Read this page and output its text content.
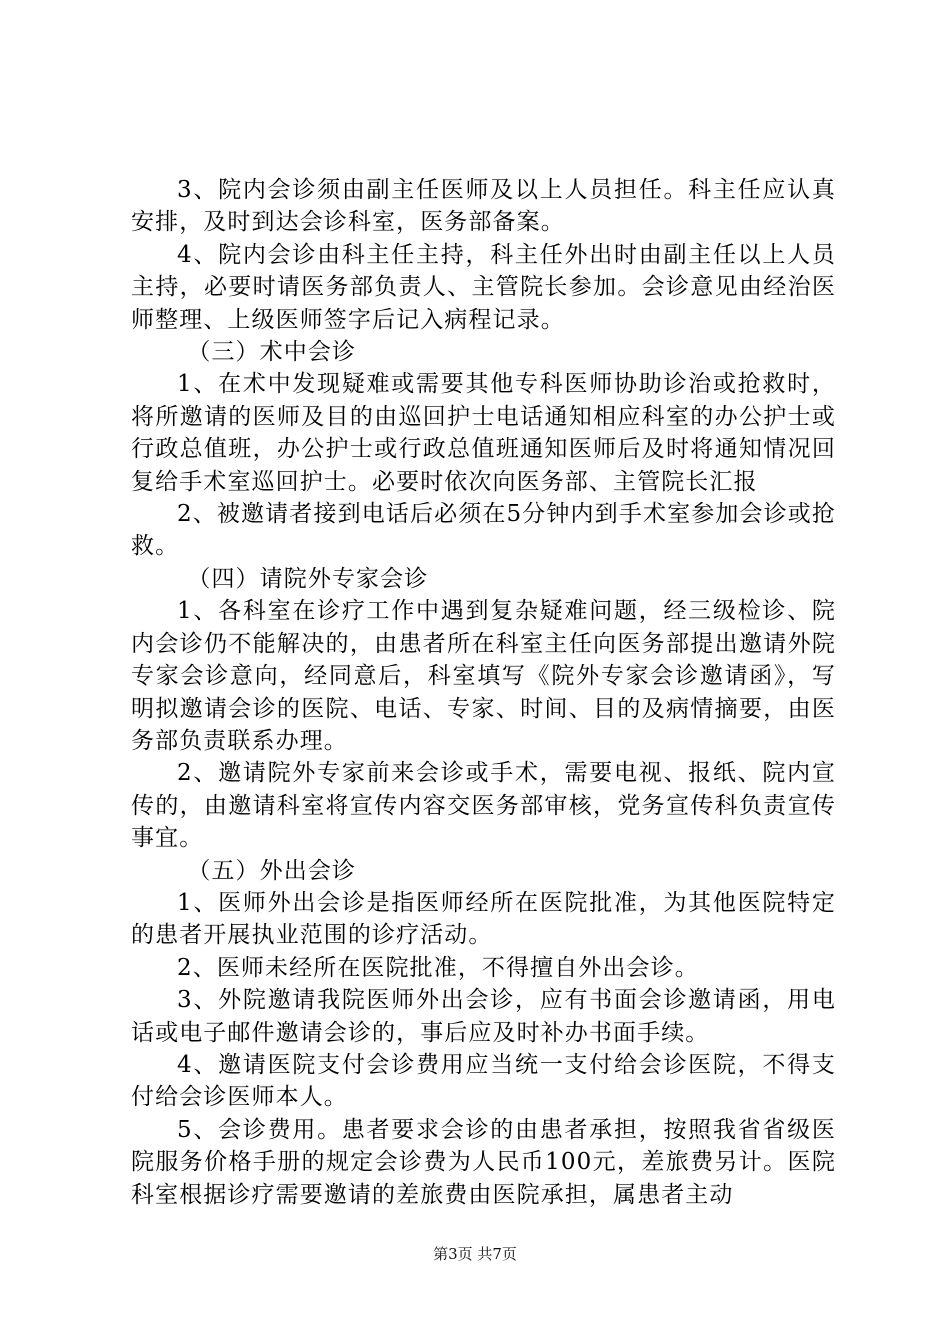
3、院内会诊须由副主任医师及以上人员担任。科主任应认真安排，及时到达会诊科室，医务部备案。

4、院内会诊由科主任主持，科主任外出时由副主任以上人员主持，必要时请医务部负责人、主管院长参加。会诊意见由经治医师整理、上级医师签字后记入病程记录。

（三）术中会诊

1、在术中发现疑难或需要其他专科医师协助诊治或抢救时，将所邀请的医师及目的由巡回护士电话通知相应科室的办公护士或行政总值班，办公护士或行政总值班通知医师后及时将通知情况回复给手术室巡回护士。必要时依次向医务部、主管院长汇报

2、被邀请者接到电话后必须在5分钟内到手术室参加会诊或抢救。

（四）请院外专家会诊

1、各科室在诊疗工作中遇到复杂疑难问题，经三级检诊、院内会诊仍不能解决的，由患者所在科室主任向医务部提出邀请外院专家会诊意向，经同意后，科室填写《院外专家会诊邀请函》，写明拟邀请会诊的医院、电话、专家、时间、目的及病情摘要，由医务部负责联系办理。

2、邀请院外专家前来会诊或手术，需要电视、报纸、院内宣传的，由邀请科室将宣传内容交医务部审核，党务宣传科负责宣传事宜。

（五）外出会诊

1、医师外出会诊是指医师经所在医院批准，为其他医院特定的患者开展执业范围的诊疗活动。

2、医师未经所在医院批准，不得擅自外出会诊。

3、外院邀请我院医师外出会诊，应有书面会诊邀请函，用电话或电子邮件邀请会诊的，事后应及时补办书面手续。

4、邀请医院支付会诊费用应当统一支付给会诊医院，不得支付给会诊医师本人。

5、会诊费用。患者要求会诊的由患者承担，按照我省省级医院服务价格手册的规定会诊费为人民币100元，差旅费另计。医院科室根据诊疗需要邀请的差旅费由医院承担，属患者主动

第3页 共7页
